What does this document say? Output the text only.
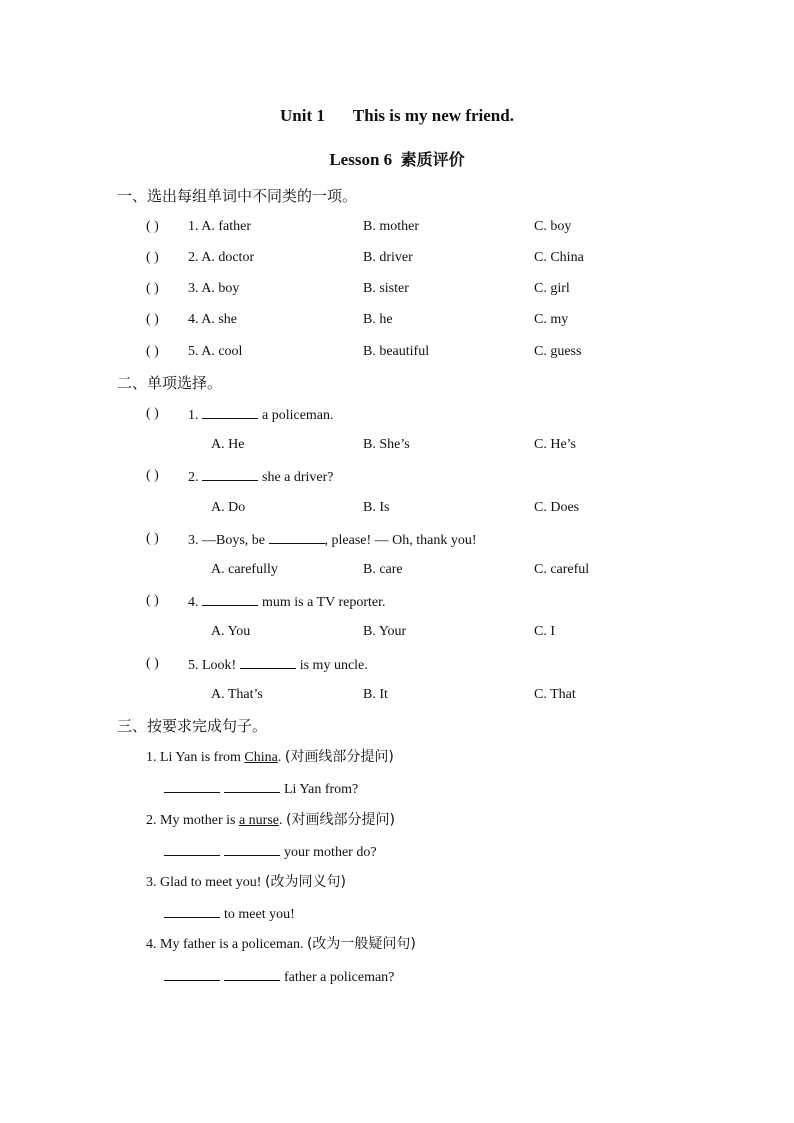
Unit 1 This is my new friend.
Lesson 6 素质评价
一、选出每组单词中不同类的一项。
( ) 1. A. father	B. mother	C. boy
( ) 2. A. doctor	B. driver	C. China
( ) 3. A. boy	B. sister	C. girl
( ) 4. A. she	B. he	C. my
( ) 5. A. cool	B. beautiful	C. guess
二、单项选择。
( ) 1.	a policeman.
A. He	B. She’s	C. He’s
( ) 2.	she a driver?
A. Do	B. Is	C. Does
( ) 3. —Boys, be	, please! — Oh, thank you!
A. carefully	B. care	C. careful
( ) 4.	mum is a TV reporter.
A. You	B. Your	C. I
( ) 5. Look!	is my uncle.
A. That’s	B. It	C. That
三、按要求完成句子。
1. Li Yan is from China. (对画线部分提问)
Li Yan from?
2. My mother is a nurse. (对画线部分提问)
your mother do?
3. Glad to meet you! (改为同义句)
to meet you!
4. My father is a policeman. (改为一般疑问句)
father a policeman?
